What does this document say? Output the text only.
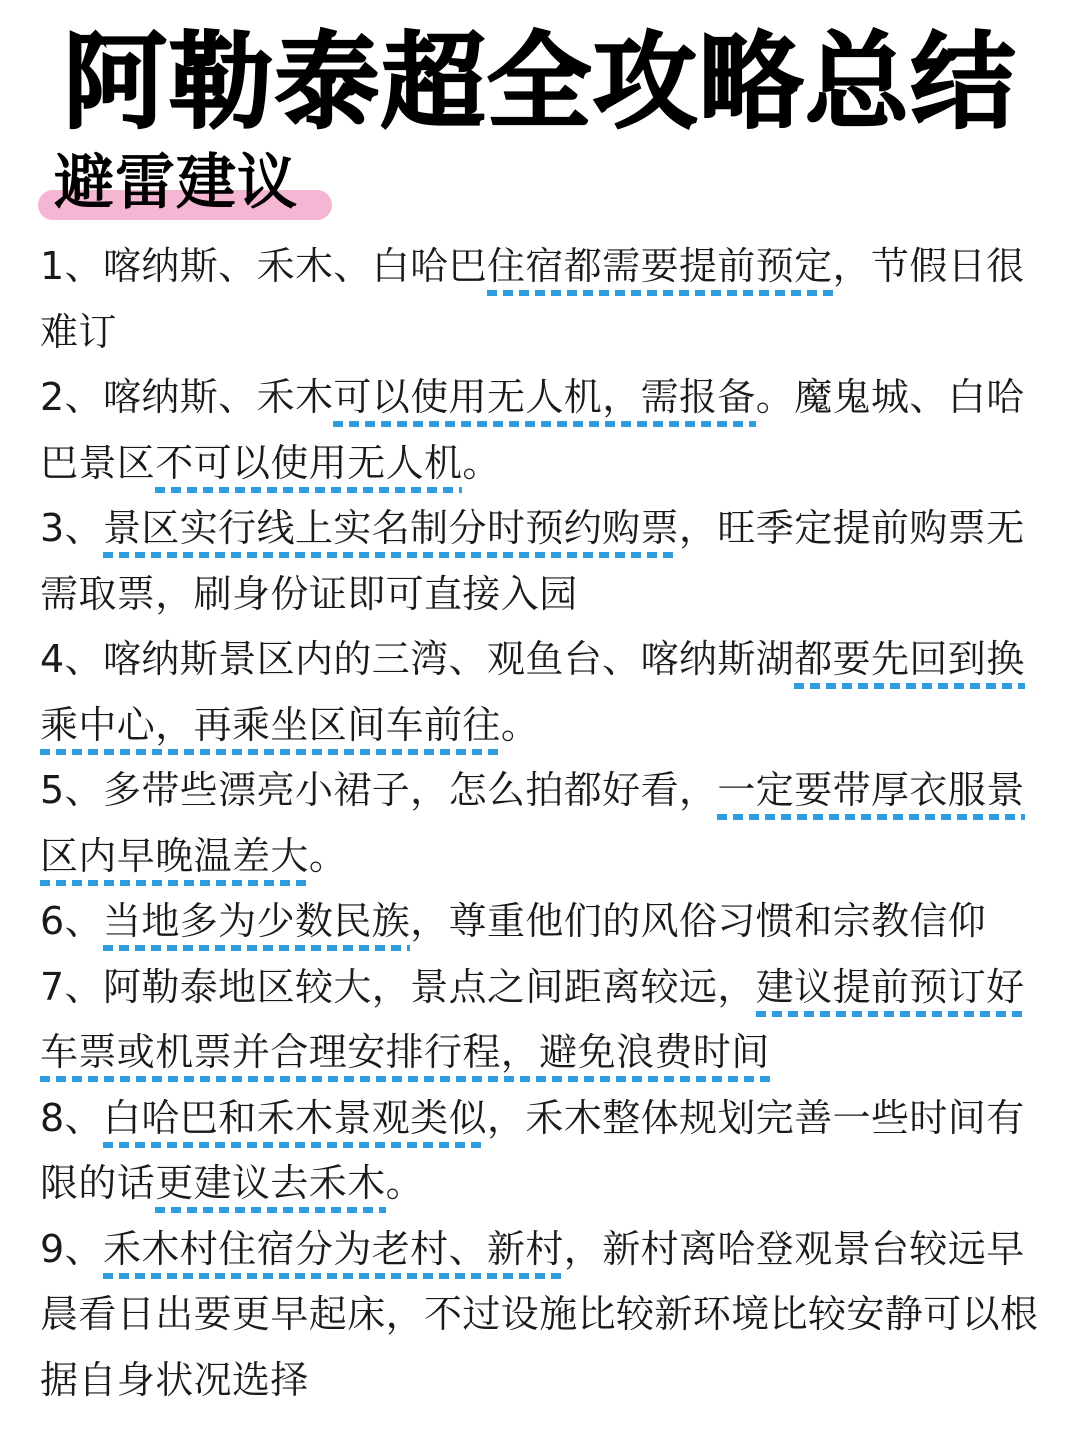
阿勒泰超全攻略总结
避雷建议
1、喀纳斯、禾木、白哈巴住宿都需要提前预定，节假日很难订
2、喀纳斯、禾木可以使用无人机，需报备。魔鬼城、白哈巴景区不可以使用无人机。
3、景区实行线上实名制分时预约购票，旺季定提前购票无需取票，刷身份证即可直接入园
4、喀纳斯景区内的三湾、观鱼台、喀纳斯湖都要先回到换乘中心，再乘坐区间车前往。
5、多带些漂亮小裙子，怎么拍都好看，一定要带厚衣服景区内早晚温差大。
6、当地多为少数民族，尊重他们的风俗习惯和宗教信仰
7、阿勒泰地区较大，景点之间距离较远，建议提前预订好车票或机票并合理安排行程，避免浪费时间
8、白哈巴和禾木景观类似，禾木整体规划完善一些时间有限的话更建议去禾木。
9、禾木村住宿分为老村、新村，新村离哈登观景台较远早晨看日出要更早起床，不过设施比较新环境比较安静可以根据自身状况选择
